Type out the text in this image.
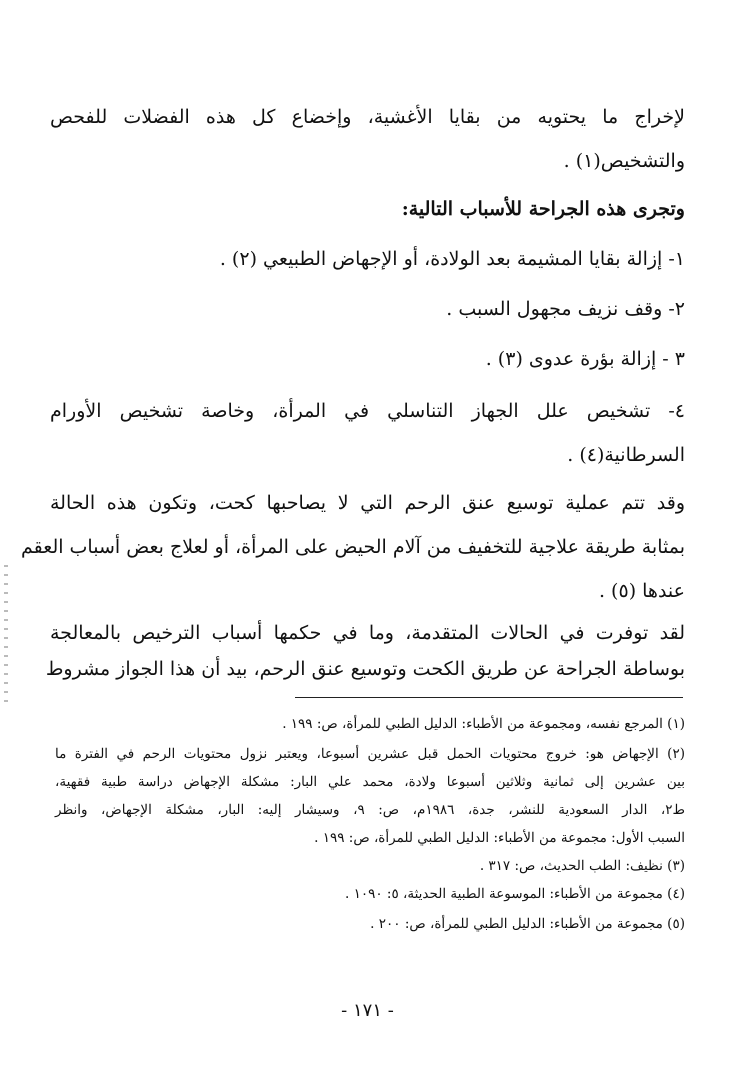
لإخراج ما يحتويه من بقايا الأغشية، وإخضاع كل هذه الفضلات للفحص
والتشخيص(١) .
وتجرى هذه الجراحة للأسباب التالية:
١- إزالة بقايا المشيمة بعد الولادة، أو الإجهاض الطبيعي (٢) .
٢- وقف نزيف مجهول السبب .
٣ - إزالة بؤرة عدوى (٣) .
٤- تشخيص علل الجهاز التناسلي في المرأة، وخاصة تشخيص الأورام
السرطانية(٤) .
وقد تتم عملية توسيع عنق الرحم التي لا يصاحبها كحت، وتكون هذه الحالة
بمثابة طريقة علاجية للتخفيف من آلام الحيض على المرأة، أو لعلاج بعض أسباب العقم
عندها (٥) .
لقد توفرت في الحالات المتقدمة، وما في حكمها أسباب الترخيص بالمعالجة
بوساطة الجراحة عن طريق الكحت وتوسيع عنق الرحم، بيد أن هذا الجواز مشروط
(١) المرجع نفسه، ومجموعة من الأطباء: الدليل الطبي للمرأة، ص: ١٩٩ .
(٢) الإجهاض هو: خروج محتويات الحمل قبل عشرين أسبوعا، ويعتبر نزول محتويات الرحم في الفترة ما
بين عشرين إلى ثمانية وثلاثين أسبوعا ولادة، محمد علي البار: مشكلة الإجهاض دراسة طبية فقهية،
ط٢، الدار السعودية للنشر، جدة، ١٩٨٦م، ص: ٩، وسيشار إليه: البار، مشكلة الإجهاض، وانظر
السبب الأول: مجموعة من الأطباء: الدليل الطبي للمرأة، ص: ١٩٩ .
(٣) نظيف: الطب الحديث، ص: ٣١٧ .
(٤) مجموعة من الأطباء: الموسوعة الطبية الحديثة، ٥: ١٠٩٠ .
(٥) مجموعة من الأطباء: الدليل الطبي للمرأة، ص: ٢٠٠ .
- ١٧١ -
